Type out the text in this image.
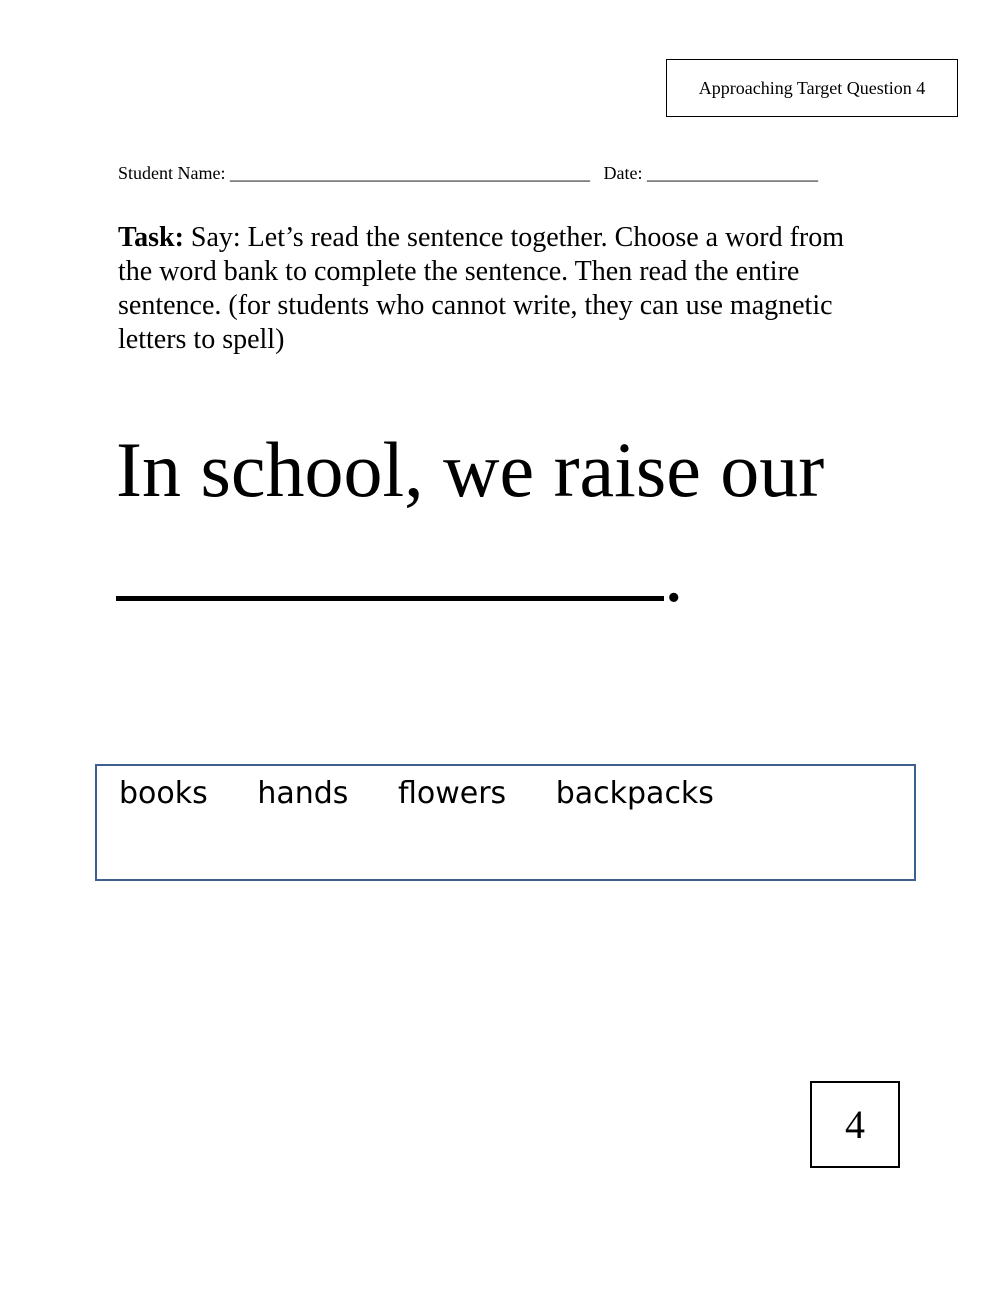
Approaching Target Question 4
Student Name: ________________________________________ Date: ___________________
Task: Say: Let’s read the sentence together. Choose a word from the word bank to complete the sentence. Then read the entire sentence. (for students who cannot write, they can use magnetic letters to spell)
In school, we raise our
.
books hands flowers backpacks
4
